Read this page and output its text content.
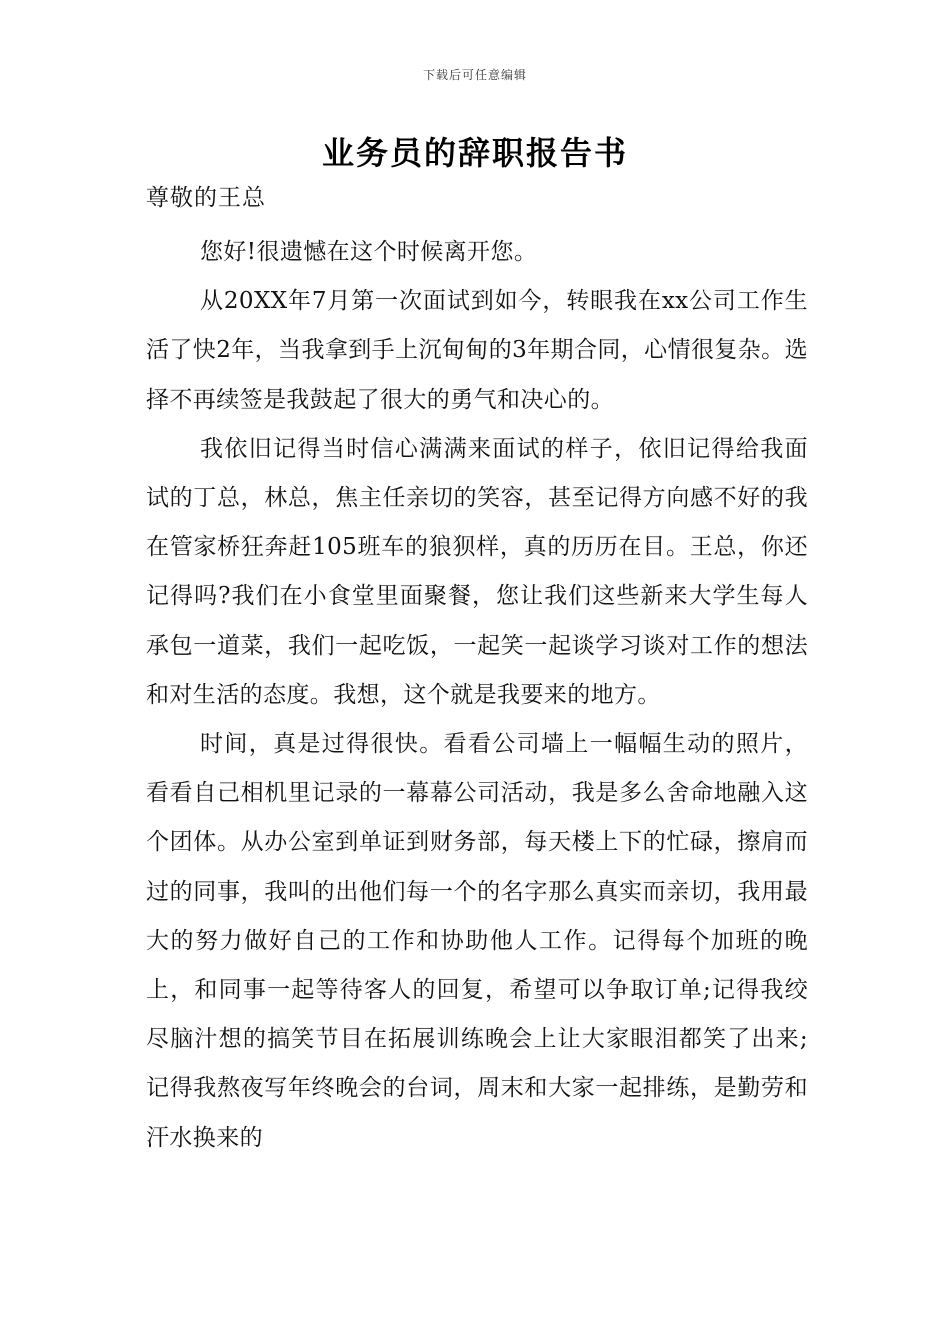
下载后可任意编辑
业务员的辞职报告书
尊敬的王总

您好!很遗憾在这个时候离开您。

从20XX年7月第一次面试到如今，转眼我在xx公司工作生活了快2年，当我拿到手上沉甸甸的3年期合同，心情很复杂。选择不再续签是我鼓起了很大的勇气和决心的。

我依旧记得当时信心满满来面试的样子，依旧记得给我面试的丁总，林总，焦主任亲切的笑容，甚至记得方向感不好的我在管家桥狂奔赶105班车的狼狈样，真的历历在目。王总，你还记得吗?我们在小食堂里面聚餐，您让我们这些新来大学生每人承包一道菜，我们一起吃饭，一起笑一起谈学习谈对工作的想法和对生活的态度。我想，这个就是我要来的地方。

时间，真是过得很快。看看公司墙上一幅幅生动的照片，看看自己相机里记录的一幕幕公司活动，我是多么舍命地融入这个团体。从办公室到单证到财务部，每天楼上下的忙碌，擦肩而过的同事，我叫的出他们每一个的名字那么真实而亲切，我用最大的努力做好自己的工作和协助他人工作。记得每个加班的晚上，和同事一起等待客人的回复，希望可以争取订单;记得我绞尽脑汁想的搞笑节目在拓展训练晚会上让大家眼泪都笑了出来;记得我熬夜写年终晚会的台词，周末和大家一起排练，是勤劳和汗水换来的
